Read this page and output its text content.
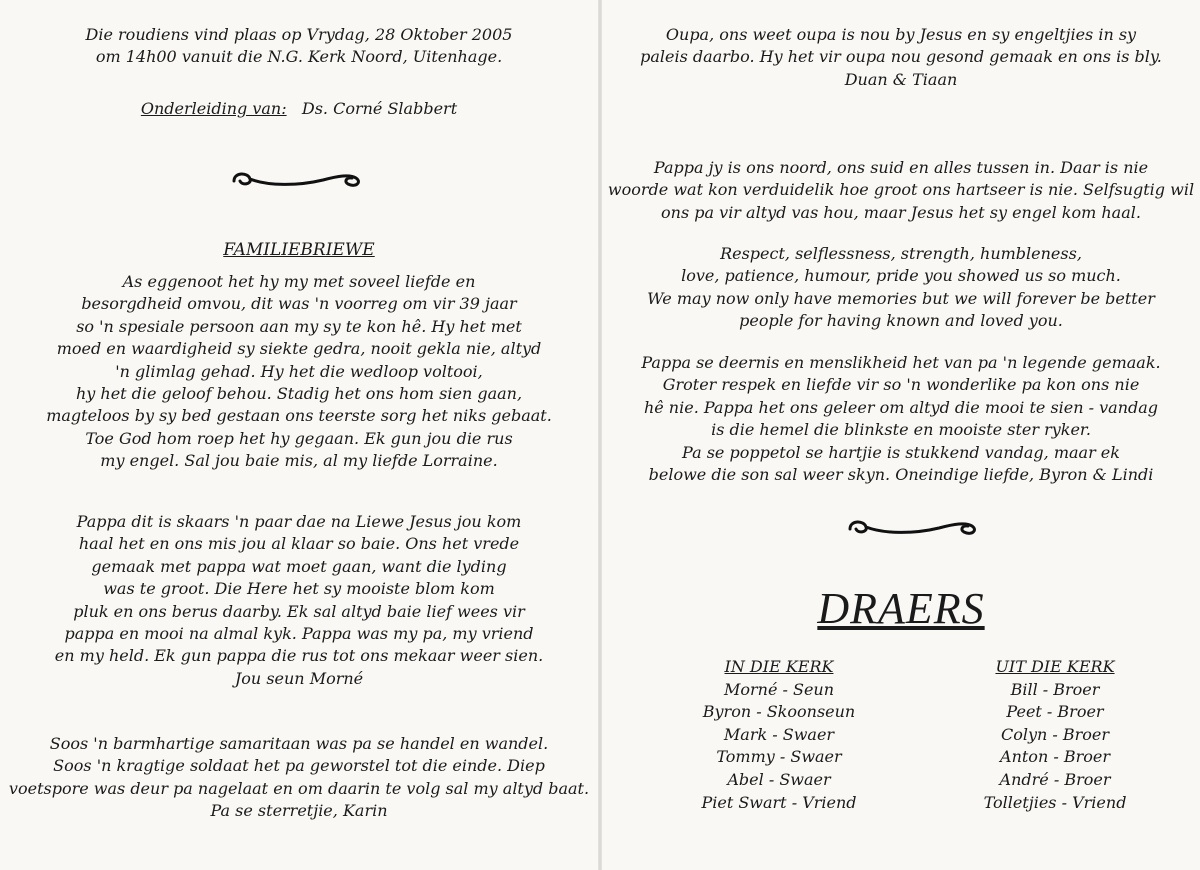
Die roudiens vind plaas op Vrydag, 28 Oktober 2005
om 14h00 vanuit die N.G. Kerk Noord, Uitenhage.
Onderleiding van: Ds. Corné Slabbert
FAMILIEBRIEWE
As eggenoot het hy my met soveel liefde en
besorgdheid omvou, dit was 'n voorreg om vir 39 jaar
so 'n spesiale persoon aan my sy te kon hê. Hy het met
moed en waardigheid sy siekte gedra, nooit gekla nie, altyd
'n glimlag gehad. Hy het die wedloop voltooi,
hy het die geloof behou. Stadig het ons hom sien gaan,
magteloos by sy bed gestaan ons teerste sorg het niks gebaat.
Toe God hom roep het hy gegaan. Ek gun jou die rus
my engel. Sal jou baie mis, al my liefde Lorraine.
Pappa dit is skaars 'n paar dae na Liewe Jesus jou kom
haal het en ons mis jou al klaar so baie. Ons het vrede
gemaak met pappa wat moet gaan, want die lyding
was te groot. Die Here het sy mooiste blom kom
pluk en ons berus daarby. Ek sal altyd baie lief wees vir
pappa en mooi na almal kyk. Pappa was my pa, my vriend
en my held. Ek gun pappa die rus tot ons mekaar weer sien.
Jou seun Morné
Soos 'n barmhartige samaritaan was pa se handel en wandel.
Soos 'n kragtige soldaat het pa geworstel tot die einde. Diep
voetspore was deur pa nagelaat en om daarin te volg sal my altyd baat.
Pa se sterretjie, Karin
Oupa, ons weet oupa is nou by Jesus en sy engeltjies in sy
paleis daarbo. Hy het vir oupa nou gesond gemaak en ons is bly.
Duan & Tiaan
Pappa jy is ons noord, ons suid en alles tussen in. Daar is nie
woorde wat kon verduidelik hoe groot ons hartseer is nie. Selfsugtig wil
ons pa vir altyd vas hou, maar Jesus het sy engel kom haal.
Respect, selflessness, strength, humbleness,
love, patience, humour, pride you showed us so much.
We may now only have memories but we will forever be better
people for having known and loved you.
Pappa se deernis en menslikheid het van pa 'n legende gemaak.
Groter respek en liefde vir so 'n wonderlike pa kon ons nie
hê nie. Pappa het ons geleer om altyd die mooi te sien - vandag
is die hemel die blinkste en mooiste ster ryker.
Pa se poppetol se hartjie is stukkend vandag, maar ek
belowe die son sal weer skyn. Oneindige liefde, Byron & Lindi
DRAERS
IN DIE KERK
Morné - Seun
Byron - Skoonseun
Mark - Swaer
Tommy - Swaer
Abel - Swaer
Piet Swart - Vriend
UIT DIE KERK
Bill - Broer
Peet - Broer
Colyn - Broer
Anton - Broer
André - Broer
Tolletjies - Vriend
